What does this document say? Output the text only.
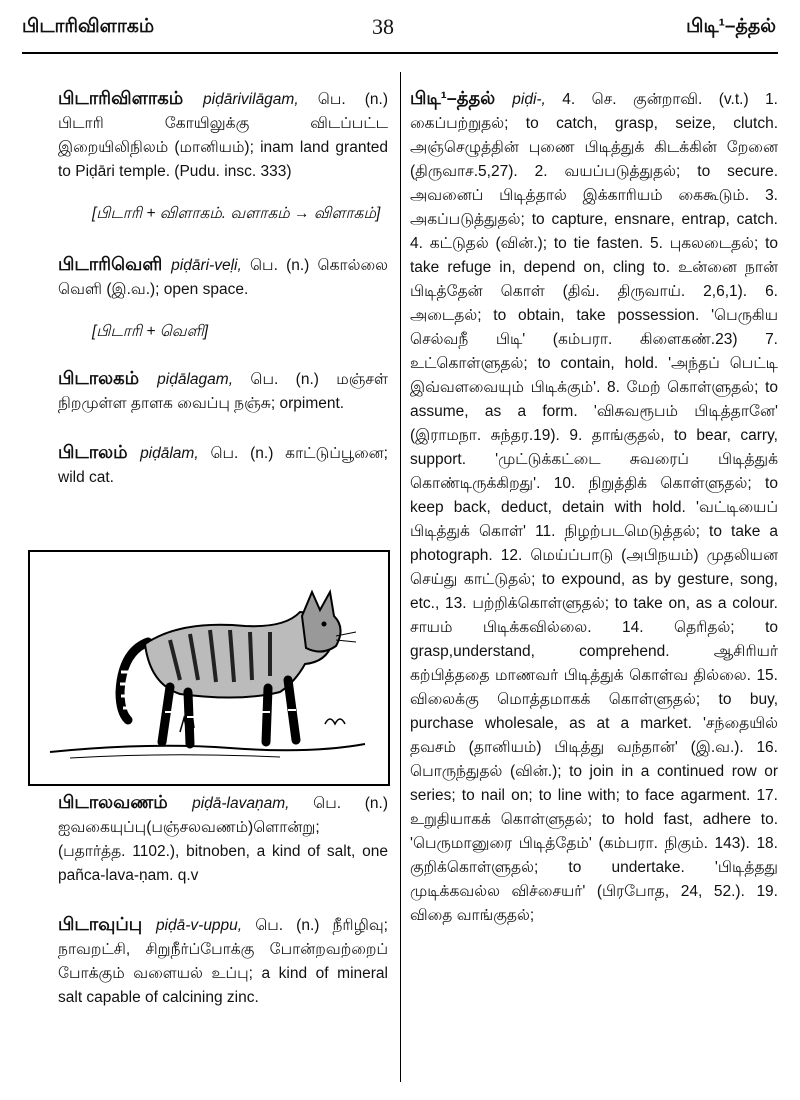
பிடாரிவிளாகம்	38	பிடி¹–த்தல்
பிடாரிவிளாகம் piḍārivilāgam, பெ. (n.) பிடாரி கோயிலுக்கு விடப்பட்ட இறையிலிநிலம் (மானியம்); inam land granted to Piḍāri temple. (Pudu. insc. 333)
[பிடாரி + விளாகம். வளாகம் → விளாகம்]
பிடாரிவெளி piḍāri-veḷi, பெ. (n.) கொல்லை வெளி (இ.வ.); open space.
[பிடாரி + வெளி]
பிடாலகம் piḍālagam, பெ. (n.) மஞ்சள் நிறமுள்ள தாளக வைப்பு நஞ்சு; orpiment.
பிடாலம் piḍālam, பெ. (n.) காட்டுப்பூனை; wild cat.
பிடாலவணம் piḍā-lavaṇam, பெ. (n.) ஐவகையுப்பு(பஞ்சலவணம்)ளொன்று; (பதார்த்த. 1102.), bitnoben, a kind of salt, one pañca-lava-ṇam. q.v
பிடாவுப்பு piḍā-v-uppu, பெ. (n.) நீரிழிவு; நாவறட்சி, சிறுநீர்ப்போக்கு போன்றவற்றைப் போக்கும் வளையல் உப்பு; a kind of mineral salt capable of calcining zinc.
பிடி¹–த்தல் piḍi-, 4. செ. குன்றாவி. (v.t.) 1. கைப்பற்றுதல்; to catch, grasp, seize, clutch. அஞ்செழுத்தின் புணை பிடித்துக் கிடக்கின் றேனை (திருவாச.5,27). 2. வயப்படுத்துதல்; to secure. அவனைப் பிடித்தால் இக்காரியம் கைகூடும். 3. அகப்படுத்துதல்; to capture, ensnare, entrap, catch. 4. கட்டுதல் (வின்.); to tie fasten. 5. புகலடைதல்; to take refuge in, depend on, cling to. உன்னை நான் பிடித்தேன் கொள் (திவ். திருவாய். 2,6,1). 6. அடைதல்; to obtain, take possession. 'பெருகிய செல்வநீ பிடி' (கம்பரா. கிளைகண்.23) 7. உட்கொள்ளுதல்; to contain, hold. 'அந்தப் பெட்டி இவ்வளவையும் பிடிக்கும்'. 8. மேற் கொள்ளுதல்; to assume, as a form. 'விசுவரூபம் பிடித்தானே' (இராமநா. சுந்தர.19). 9. தாங்குதல், to bear, carry, support. 'முட்டுக்கட்டை சுவரைப் பிடித்துக் கொண்டிருக்கிறது'. 10. நிறுத்திக் கொள்ளுதல்; to keep back, deduct, detain with hold. 'வட்டியைப் பிடித்துக் கொள்' 11. நிழற்படமெடுத்தல்; to take a photograph. 12. மெய்ப்பாடு (அபிநயம்) முதலியன செய்து காட்டுதல்; to expound, as by gesture, song, etc., 13. பற்றிக்கொள்ளுதல்; to take on, as a colour. சாயம் பிடிக்கவில்லை. 14. தெரிதல்; to grasp,understand, comprehend. ஆசிரியர் கற்பித்ததை மாணவர் பிடித்துக் கொள்வ தில்லை. 15. விலைக்கு மொத்தமாகக் கொள்ளுதல்; to buy, purchase wholesale, as at a market. 'சந்தையில் தவசம் (தானியம்) பிடித்து வந்தான்' (இ.வ.). 16. பொருந்துதல் (வின்.); to join in a continued row or series; to nail on; to line with; to face agarment. 17. உறுதியாகக் கொள்ளுதல்; to hold fast, adhere to. 'பெருமானுரை பிடித்தேம்' (கம்பரா. நிகும். 143). 18. குறிக்கொள்ளுதல்; to undertake. 'பிடித்தது முடிக்கவல்ல விச்சையர்' (பிரபோத, 24, 52.). 19. விதை வாங்குதல்;
